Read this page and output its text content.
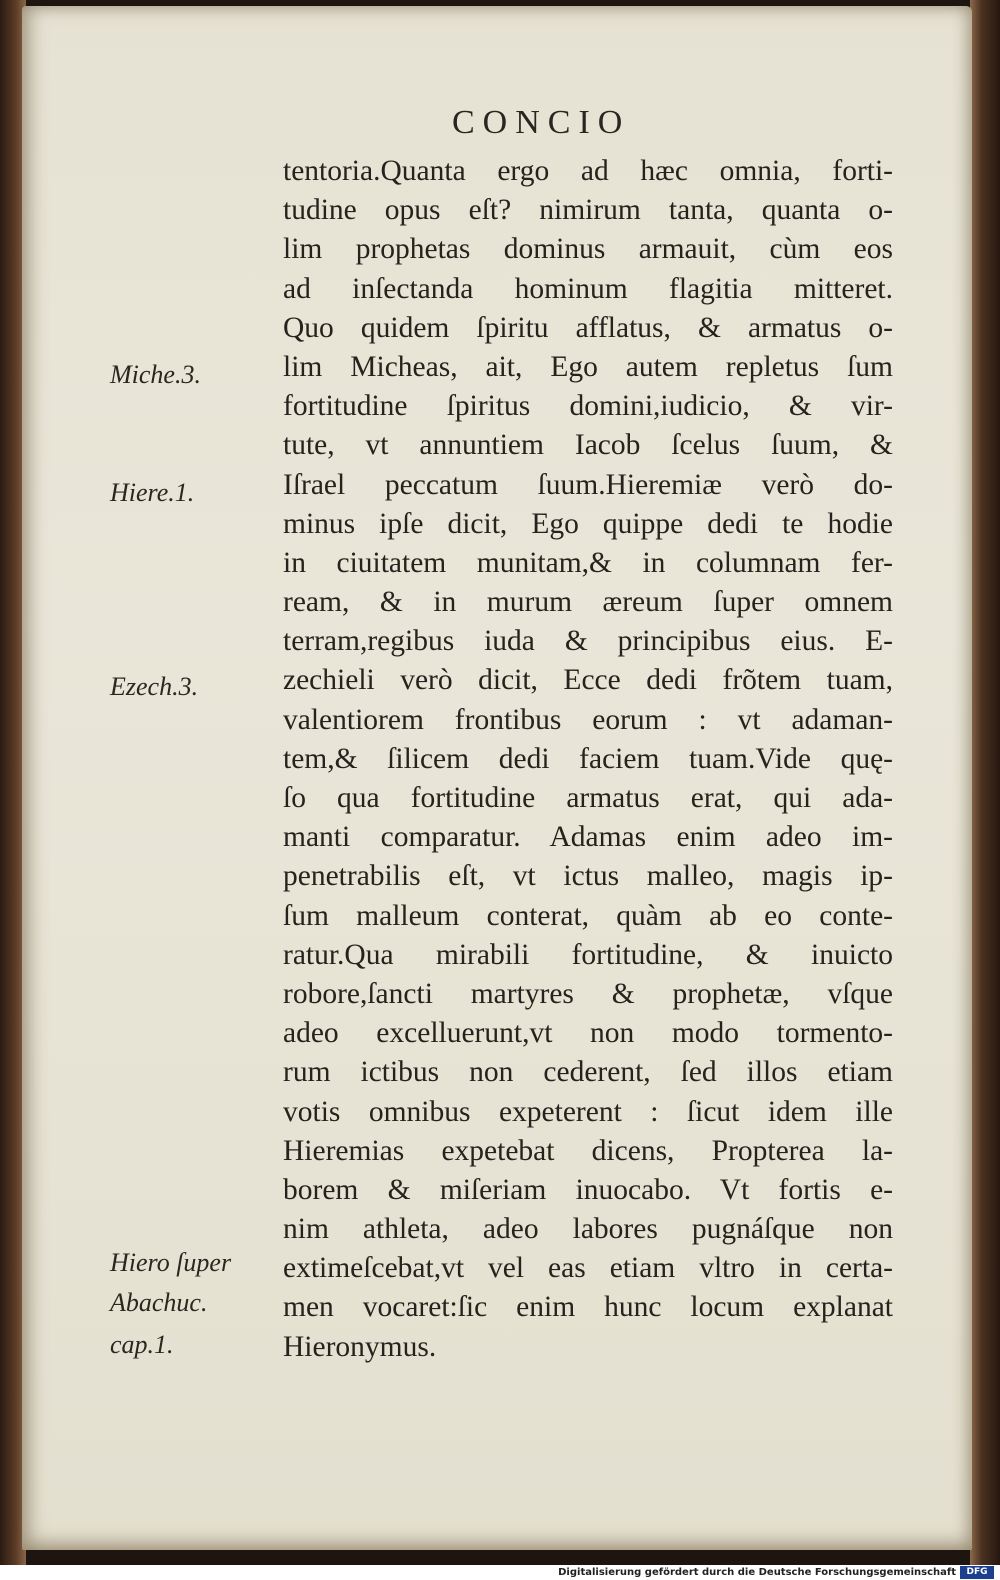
CONCIO
tentoria.Quanta ergo ad hæc omnia, forti-
tudine opus eſt? nimirum tanta, quanta o-
lim prophetas dominus armauit, cùm eos
ad inſectanda hominum flagitia mitteret.
Quo quidem ſpiritu afflatus, & armatus o-
lim Micheas, ait, Ego autem repletus ſum
fortitudine ſpiritus domini,iudicio, & vir-
tute, vt annuntiem Iacob ſcelus ſuum, &
Iſrael peccatum ſuum.Hieremiæ verò do-
minus ipſe dicit, Ego quippe dedi te hodie
in ciuitatem munitam,& in columnam fer-
ream, & in murum æreum ſuper omnem
terram,regibus iuda & principibus eius. E-
zechieli verò dicit, Ecce dedi frõtem tuam,
valentiorem frontibus eorum : vt adaman-
tem,& ſilicem dedi faciem tuam.Vide quę-
ſo qua fortitudine armatus erat, qui ada-
manti comparatur. Adamas enim adeo im-
penetrabilis eſt, vt ictus malleo, magis ip-
ſum malleum conterat, quàm ab eo conte-
ratur.Qua mirabili fortitudine, & inuicto
robore,ſancti martyres & prophetæ, vſque
adeo excelluerunt,vt non modo tormento-
rum ictibus non cederent, ſed illos etiam
votis omnibus expeterent : ſicut idem ille
Hieremias expetebat dicens, Propterea la-
borem & miſeriam inuocabo. Vt fortis e-
nim athleta, adeo labores pugnáſque non
extimeſcebat,vt vel eas etiam vltro in certa-
men vocaret:ſic enim hunc locum explanat
Hieronymus.
Miche.3.
Hiere.1.
Ezech.3.
Hiero ſuper
Abachuc.
cap.1.
Digitalisierung gefördert durch die Deutsche Forschungsgemeinschaft	DFG
